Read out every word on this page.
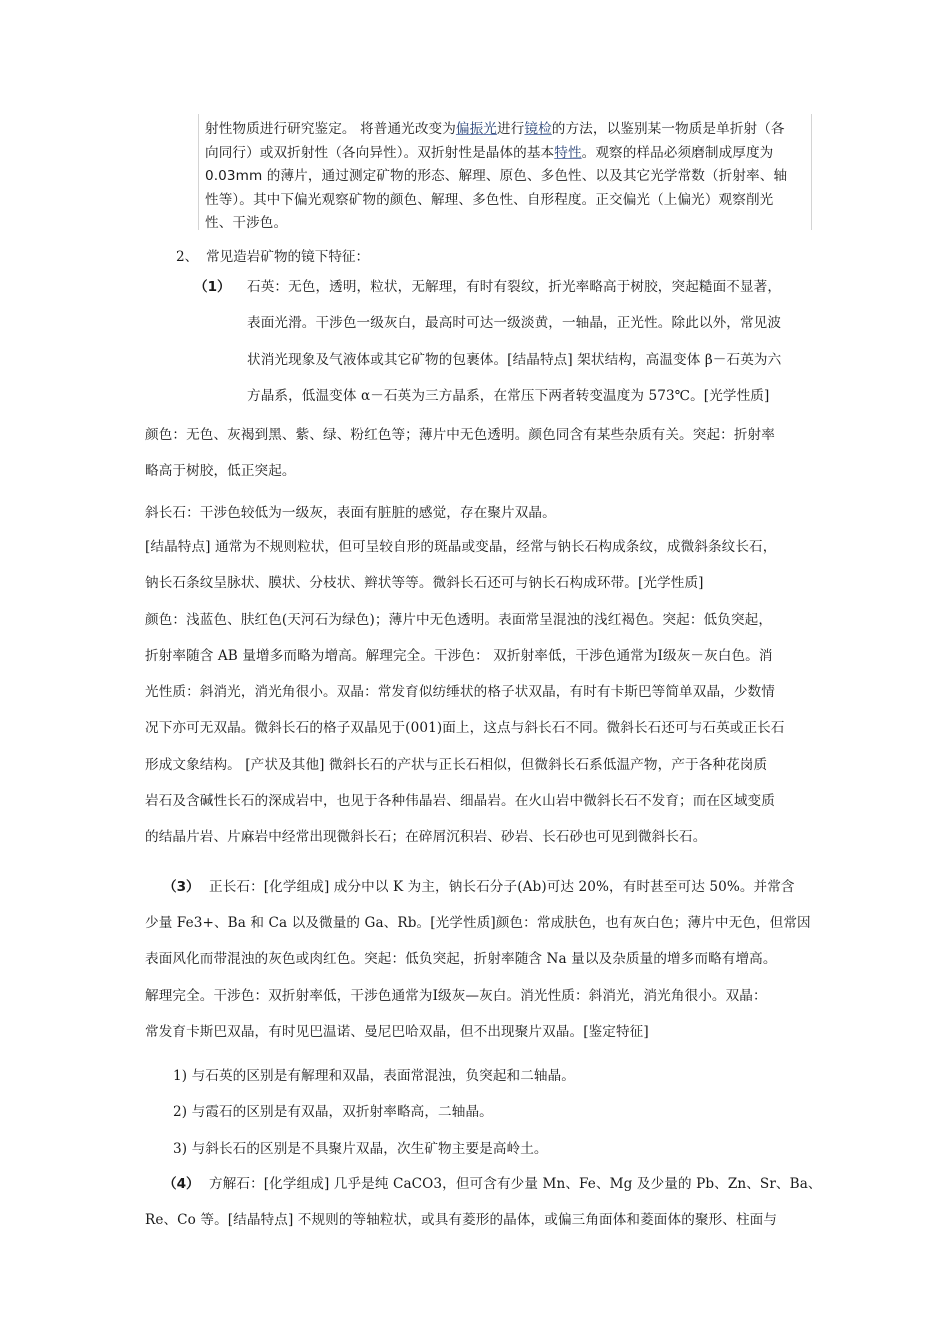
射性物质进行研究鉴定。 将普通光改变为偏振光进行镜检的方法，以鉴别某一物质是单折射（各
向同行）或双折射性（各向异性）。双折射性是晶体的基本特性。观察的样品必须磨制成厚度为
0.03mm 的薄片，通过测定矿物的形态、解理、原色、多色性、以及其它光学常数（折射率、轴
性等）。其中下偏光观察矿物的颜色、解理、多色性、自形程度。正交偏光（上偏光）观察削光
性、干涉色。
2、 常见造岩矿物的镜下特征：
（1） 石英：无色，透明，粒状，无解理，有时有裂纹，折光率略高于树胶，突起糙面不显著，
表面光滑。干涉色一级灰白，最高时可达一级淡黄，一轴晶，正光性。除此以外，常见波
状消光现象及气液体或其它矿物的包裹体。[结晶特点] 架状结构，高温变体 β－石英为六
方晶系，低温变体 α－石英为三方晶系，在常压下两者转变温度为 573℃。[光学性质]
颜色：无色、灰褐到黑、紫、绿、粉红色等；薄片中无色透明。颜色同含有某些杂质有关。突起：折射率
略高于树胶，低正突起。
斜长石：干涉色较低为一级灰，表面有脏脏的感觉，存在聚片双晶。
[结晶特点] 通常为不规则粒状，但可呈较自形的斑晶或变晶，经常与钠长石构成条纹，成微斜条纹长石，
钠长石条纹呈脉状、膜状、分枝状、辫状等等。微斜长石还可与钠长石构成环带。[光学性质]
颜色：浅蓝色、肤红色(天河石为绿色)；薄片中无色透明。表面常呈混浊的浅红褐色。突起：低负突起，
折射率随含 AB 量增多而略为增高。解理完全。干涉色： 双折射率低，干涉色通常为Ⅰ级灰－灰白色。消
光性质：斜消光，消光角很小。双晶：常发育似纺缍状的格子状双晶，有时有卡斯巴等简单双晶，少数情
况下亦可无双晶。微斜长石的格子双晶见于(001)面上，这点与斜长石不同。微斜长石还可与石英或正长石
形成文象结构。 [产状及其他] 微斜长石的产状与正长石相似，但微斜长石系低温产物，产于各种花岗质
岩石及含碱性长石的深成岩中，也见于各种伟晶岩、细晶岩。在火山岩中微斜长石不发育；而在区域变质
的结晶片岩、片麻岩中经常出现微斜长石；在碎屑沉积岩、砂岩、长石砂也可见到微斜长石。
（3） 正长石：[化学组成] 成分中以 K 为主，钠长石分子(Ab)可达 20%，有时甚至可达 50%。并常含
少量 Fe3+、Ba 和 Ca 以及微量的 Ga、Rb。[光学性质]颜色：常成肤色，也有灰白色；薄片中无色，但常因
表面风化而带混浊的灰色或肉红色。突起：低负突起，折射率随含 Na 量以及杂质量的增多而略有增高。
解理完全。干涉色：双折射率低，干涉色通常为Ⅰ级灰—灰白。消光性质：斜消光，消光角很小。双晶：
常发育卡斯巴双晶，有时见巴温诺、曼尼巴哈双晶，但不出现聚片双晶。[鉴定特征]
1) 与石英的区别是有解理和双晶，表面常混浊，负突起和二轴晶。
2) 与霞石的区别是有双晶，双折射率略高，二轴晶。
3) 与斜长石的区别是不具聚片双晶，次生矿物主要是高岭土。
（4） 方解石：[化学组成] 几乎是纯 CaCO3，但可含有少量 Mn、Fe、Mg 及少量的 Pb、Zn、Sr、Ba、
Re、Co 等。[结晶特点] 不规则的等轴粒状，或具有菱形的晶体，或偏三角面体和菱面体的聚形、柱面与
